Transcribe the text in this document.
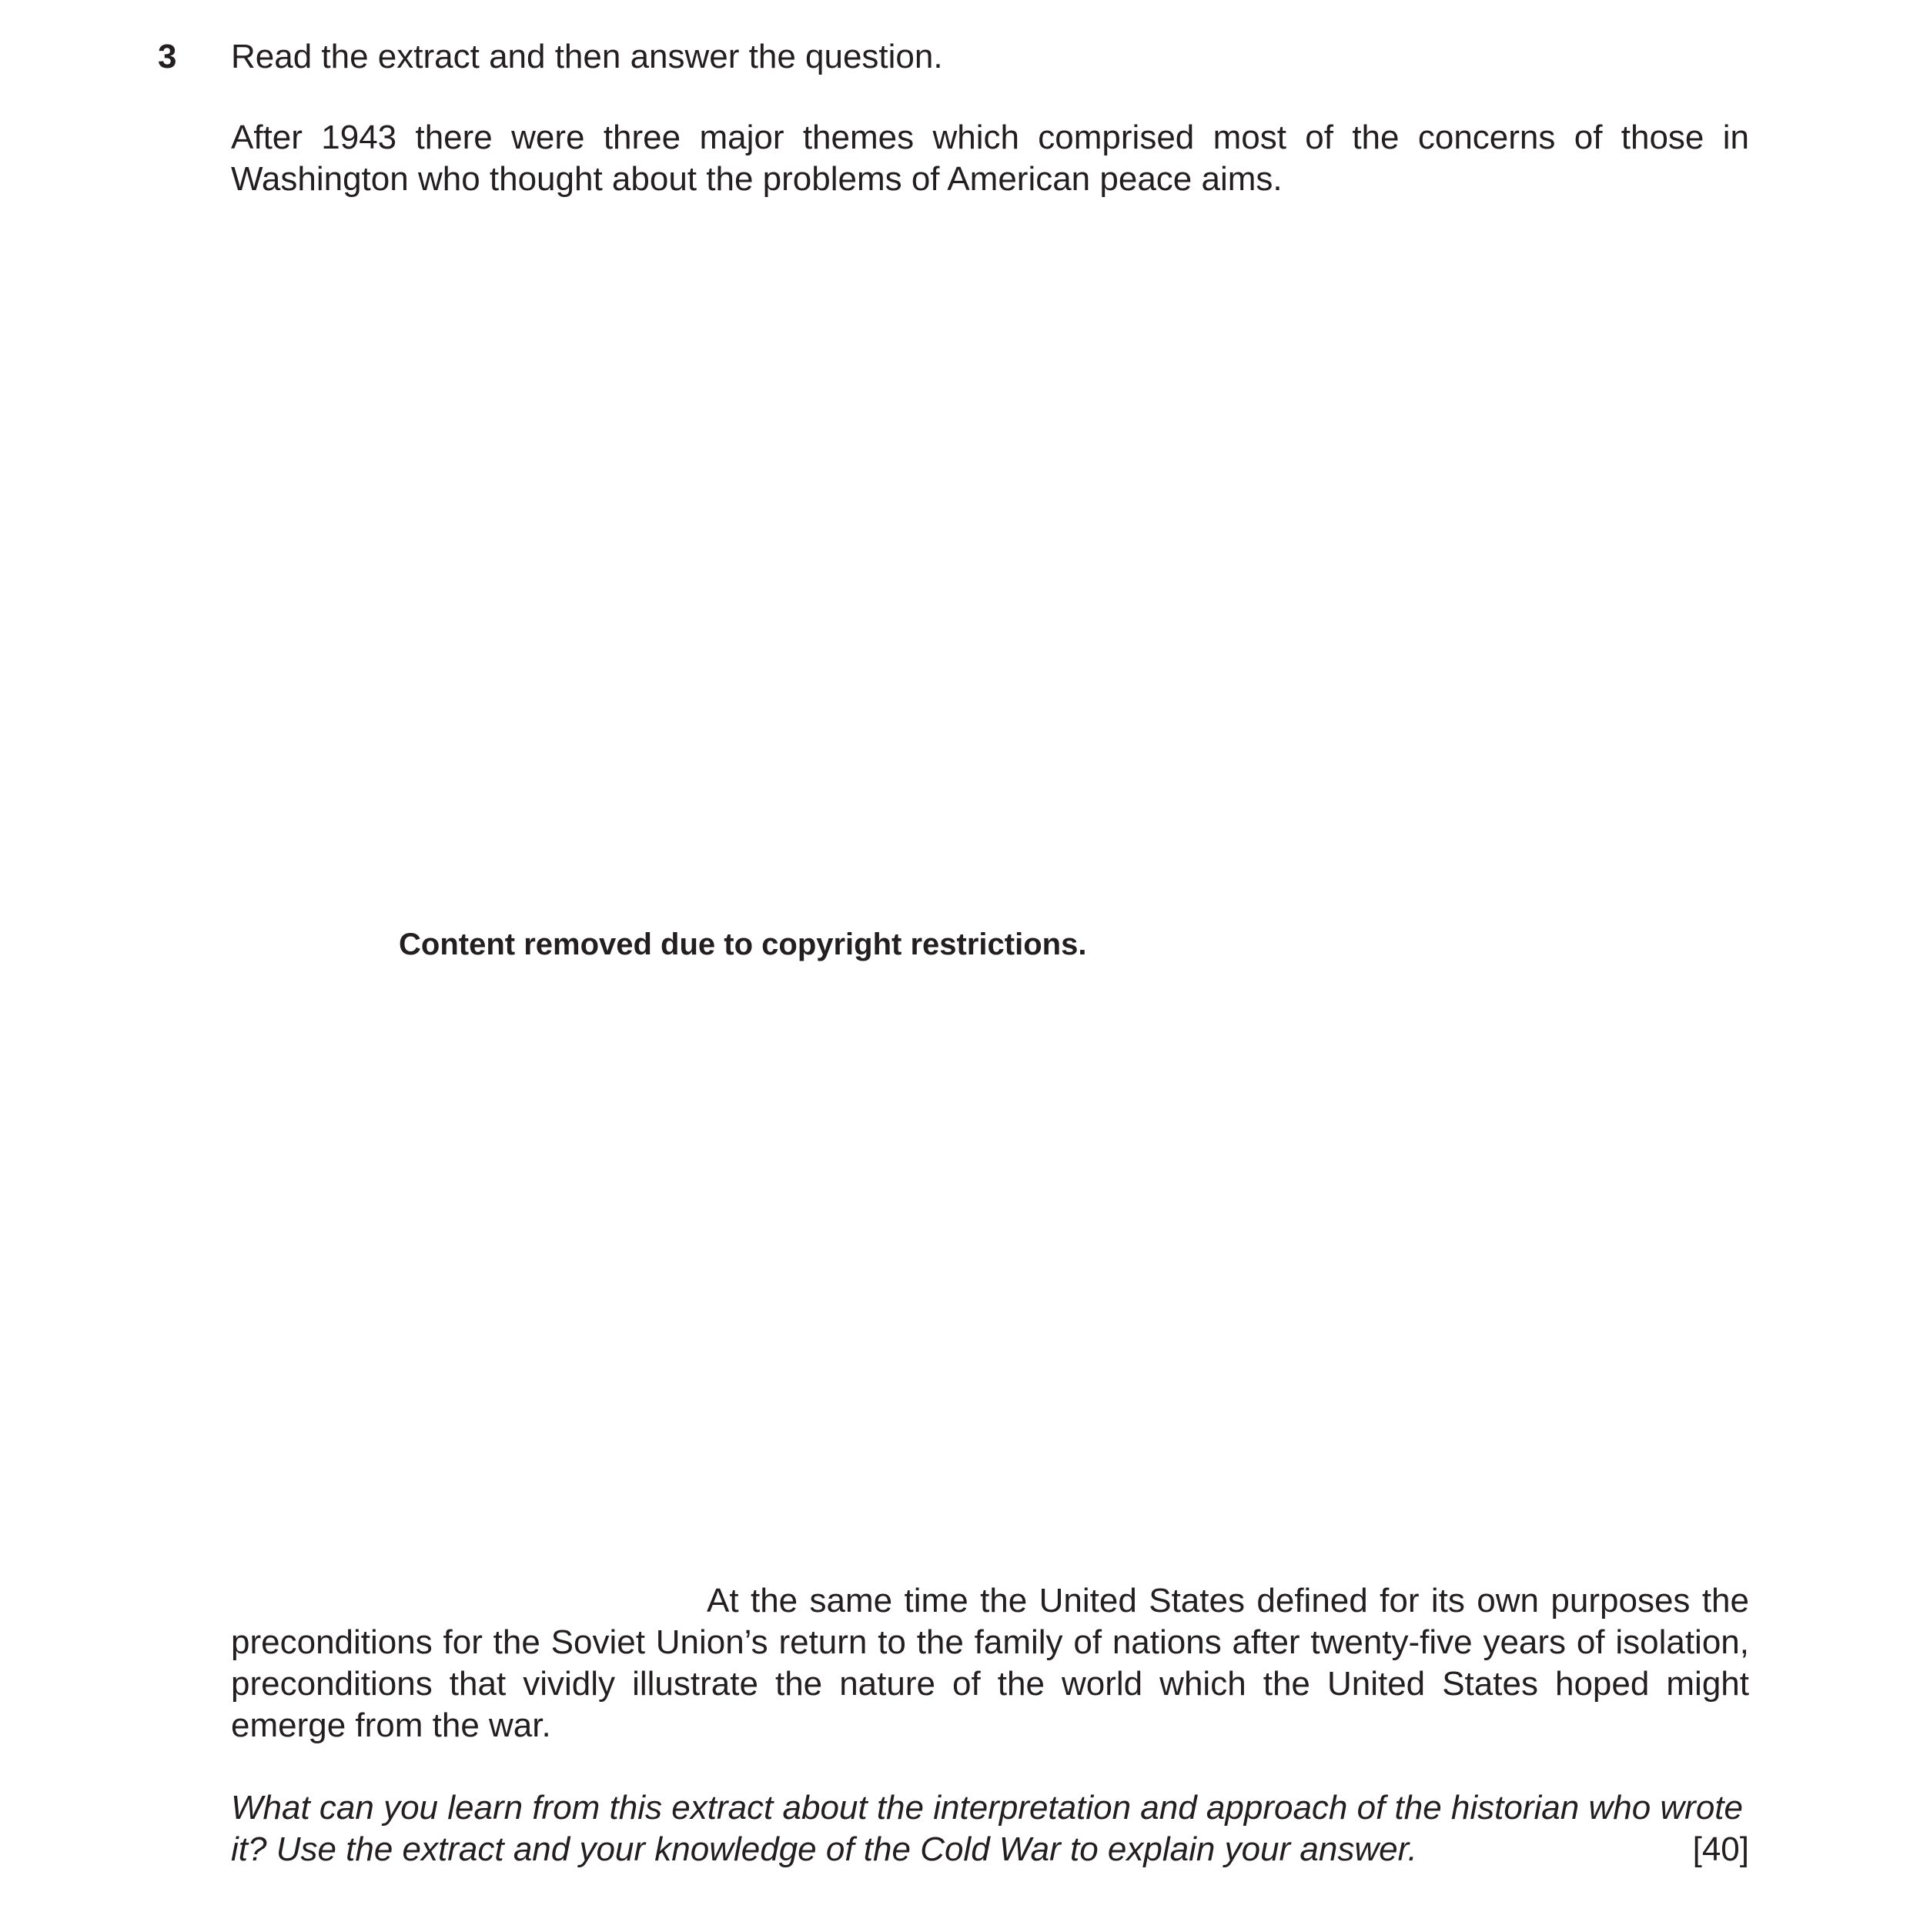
3 Read the extract and then answer the question.

After 1943 there were three major themes which comprised most of the concerns of those in Washington who thought about the problems of American peace aims.

Content removed due to copyright restrictions.

At the same time the United States defined for its own purposes the preconditions for the Soviet Union’s return to the family of nations after twenty-five years of isolation, preconditions that vividly illustrate the nature of the world which the United States hoped might emerge from the war.

What can you learn from this extract about the interpretation and approach of the historian who wrote it? Use the extract and your knowledge of the Cold War to explain your answer.	[40]
